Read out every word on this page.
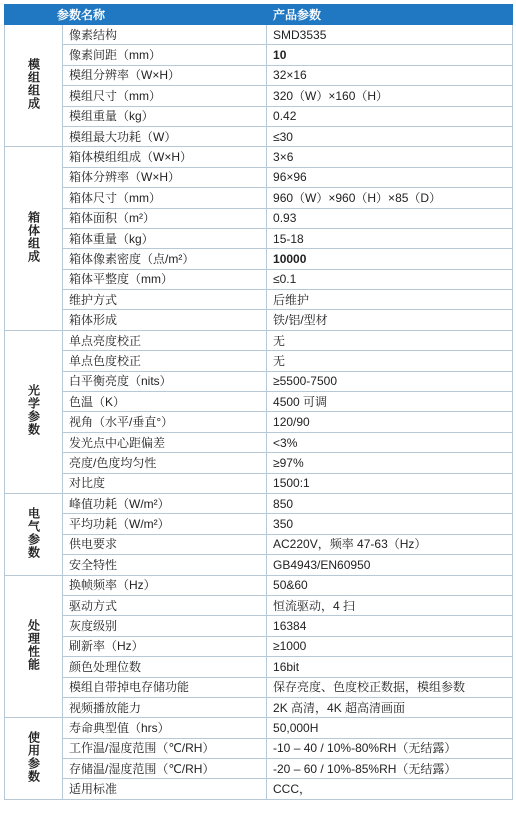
参数名称		产品参数
模组组成	像素结构	SMD3535
	像素间距（mm）	10
	模组分辨率（W×H）	32×16
	模组尺寸（mm）	320（W）×160（H）
	模组重量（kg）	0.42
	模组最大功耗（W）	≤30
箱体组成	箱体模组组成（W×H）	3×6
	箱体分辨率（W×H）	96×96
	箱体尺寸（mm）	960（W）×960（H）×85（D）
	箱体面积（m²）	0.93
	箱体重量（kg）	15-18
	箱体像素密度（点/m²）	10000
	箱体平整度（mm）	≤0.1
	维护方式	后维护
	箱体形成	铁/铝/型材
光学参数	单点亮度校正	无
	单点色度校正	无
	白平衡亮度（nits）	≥5500-7500
	色温（K）	4500 可调
	视角（水平/垂直°）	120/90
	发光点中心距偏差	<3%
	亮度/色度均匀性	≥97%
	对比度	1500:1
电气参数	峰值功耗（W/m²）	850
	平均功耗（W/m²）	350
	供电要求	AC220V，频率 47-63（Hz）
	安全特性	GB4943/EN60950
处理性能	换帧频率（Hz）	50&60
	驱动方式	恒流驱动，4 扫
	灰度级别	16384
	刷新率（Hz）	≥1000
	颜色处理位数	16bit
	模组自带掉电存储功能	保存亮度、色度校正数据，模组参数
	视频播放能力	2K 高清，4K 超高清画面
使用参数	寿命典型值（hrs）	50,000H
	工作温/湿度范围（℃/RH）	-10 – 40 / 10%-80%RH（无结露）
	存储温/湿度范围（℃/RH）	-20 – 60 / 10%-85%RH（无结露）
	适用标准	CCC，
